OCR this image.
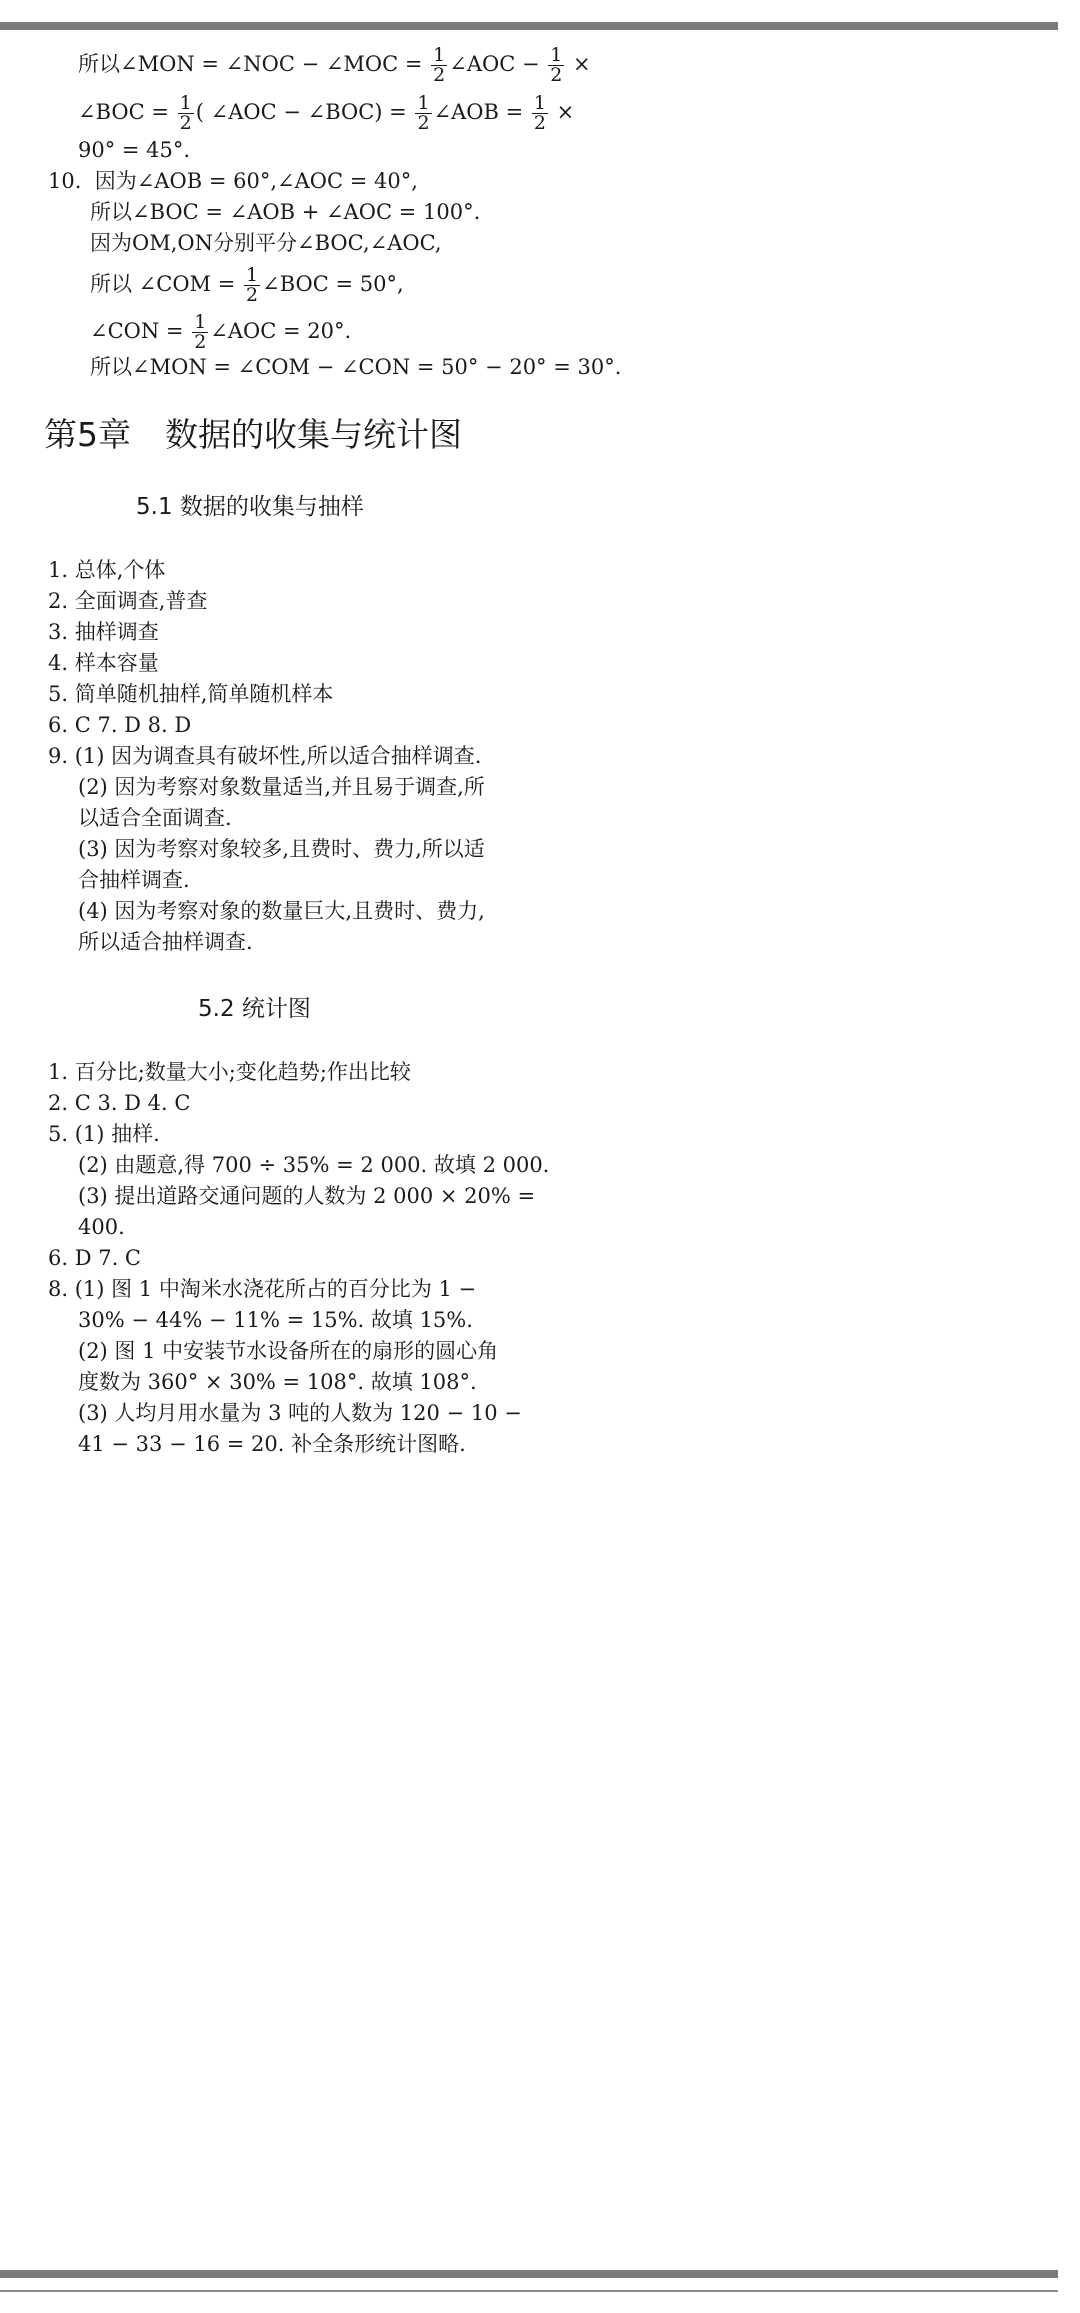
所以∠MON = ∠NOC − ∠MOC = $\frac{1}{2}$ ∠AOC − $\frac{1}{2}$ ×
∠BOC = $\frac{1}{2}$ ( ∠AOC − ∠BOC) = $\frac{1}{2}$ ∠AOB = $\frac{1}{2}$ ×
90° = 45°.
10. 因为∠AOB = 60°,∠AOC = 40°,
所以∠BOC = ∠AOB + ∠AOC = 100°.
因为OM,ON分别平分∠BOC,∠AOC,
所以 ∠COM = $\frac{1}{2}$ ∠BOC = 50°,
∠CON = $\frac{1}{2}$ ∠AOC = 20°.
所以∠MON = ∠COM − ∠CON = 50° − 20° = 30°.
第5章 数据的收集与统计图
5.1 数据的收集与抽样
1. 总体,个体
2. 全面调查,普查
3. 抽样调查
4. 样本容量
5. 简单随机抽样,简单随机样本
6. C 7. D 8. D
9. (1) 因为调查具有破坏性,所以适合抽样调查.
(2) 因为考察对象数量适当,并且易于调查,所
以适合全面调查.
(3) 因为考察对象较多,且费时、费力,所以适
合抽样调查.
(4) 因为考察对象的数量巨大,且费时、费力,
所以适合抽样调查.
5.2 统计图
1. 百分比;数量大小;变化趋势;作出比较
2. C 3. D 4. C
5. (1) 抽样.
(2) 由题意,得 700 ÷ 35% = 2 000. 故填 2 000.
(3) 提出道路交通问题的人数为 2 000 × 20% =
400.
6. D 7. C
8. (1) 图 1 中淘米水浇花所占的百分比为 1 −
30% − 44% − 11% = 15%. 故填 15%.
(2) 图 1 中安装节水设备所在的扇形的圆心角
度数为 360° × 30% = 108°. 故填 108°.
(3) 人均月用水量为 3 吨的人数为 120 − 10 −
41 − 33 − 16 = 20. 补全条形统计图略.
